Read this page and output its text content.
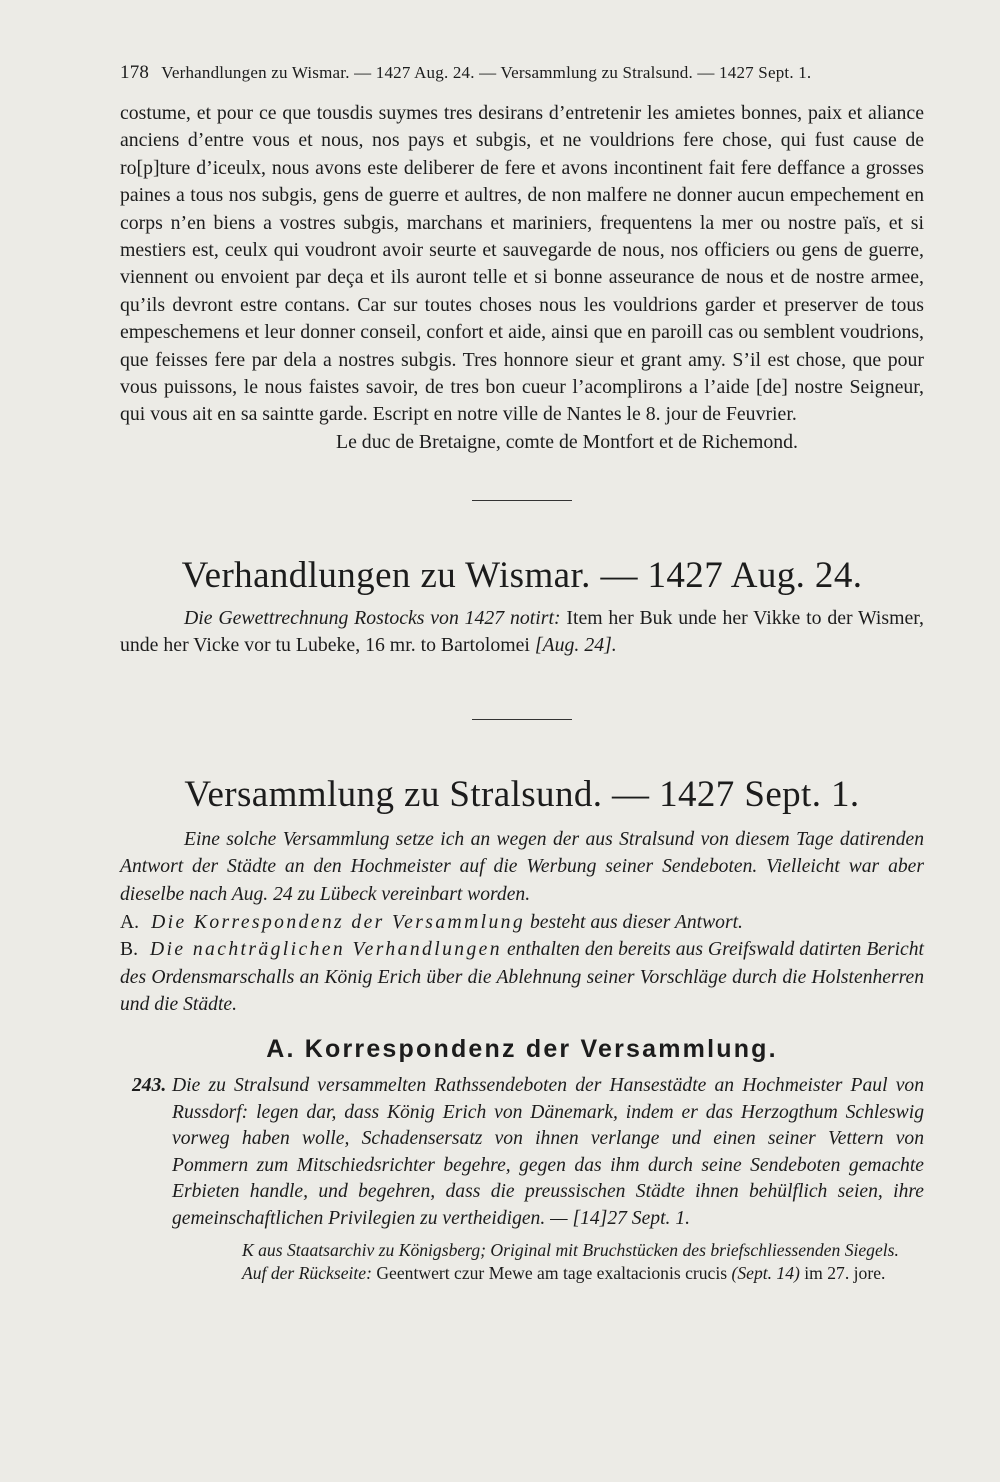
178 Verhandlungen zu Wismar. — 1427 Aug. 24. — Versammlung zu Stralsund. — 1427 Sept. 1.

costume, et pour ce que tousdis suymes tres desirans d’entretenir les amietes bonnes, paix et aliance anciens d’entre vous et nous, nos pays et subgis, et ne vouldrions fere chose, qui fust cause de ro[p]ture d’iceulx, nous avons este deliberer de fere et avons incontinent fait fere deffance a grosses paines a tous nos subgis, gens de guerre et aultres, de non malfere ne donner aucun empechement en corps n’en biens a vostres subgis, marchans et mariniers, frequentens la mer ou nostre païs, et si mestiers est, ceulx qui voudront avoir seurte et sauvegarde de nous, nos officiers ou gens de guerre, viennent ou envoient par deça et ils auront telle et si bonne asseurance de nous et de nostre armee, qu’ils devront estre contans. Car sur toutes choses nous les vouldrions garder et preserver de tous empeschemens et leur donner conseil, confort et aide, ainsi que en paroill cas ou semblent voudrions, que feisses fere par dela a nostres subgis. Tres honnore sieur et grant amy. S’il est chose, que pour vous puissons, le nous faistes savoir, de tres bon cueur l’acomplirons a l’aide [de] nostre Seigneur, qui vous ait en sa saintte garde. Escript en notre ville de Nantes le 8. jour de Feuvrier.

Le duc de Bretaigne, comte de Montfort et de Richemond.
Verhandlungen zu Wismar. — 1427 Aug. 24.

Die Gewettrechnung Rostocks von 1427 notirt: Item her Buk unde her Vikke to der Wismer, unde her Vicke vor tu Lubeke, 16 mr. to Bartolomei [Aug. 24].

Versammlung zu Stralsund. — 1427 Sept. 1.
Eine solche Versammlung setze ich an wegen der aus Stralsund von diesem Tage datirenden Antwort der Städte an den Hochmeister auf die Werbung seiner Sendeboten. Vielleicht war aber dieselbe nach Aug. 24 zu Lübeck vereinbart worden.
A. Die Korrespondenz der Versammlung besteht aus dieser Antwort.
B. Die nachträglichen Verhandlungen enthalten den bereits aus Greifswald datirten Bericht des Ordensmarschalls an König Erich über die Ablehnung seiner Vorschläge durch die Holstenherren und die Städte.
A. Korrespondenz der Versammlung.
243. Die zu Stralsund versammelten Rathssendeboten der Hansestädte an Hochmeister Paul von Russdorf: legen dar, dass König Erich von Dänemark, indem er das Herzogthum Schleswig vorweg haben wolle, Schadensersatz von ihnen verlange und einen seiner Vettern von Pommern zum Mitschiedsrichter begehre, gegen das ihm durch seine Sendeboten gemachte Erbieten handle, und begehren, dass die preussischen Städte ihnen behülflich seien, ihre gemeinschaftlichen Privilegien zu vertheidigen. — [14]27 Sept. 1.
K aus Staatsarchiv zu Königsberg; Original mit Bruchstücken des briefschliessenden Siegels. Auf der Rückseite: Geentwert czur Mewe am tage exaltacionis crucis (Sept. 14) im 27. jore.
